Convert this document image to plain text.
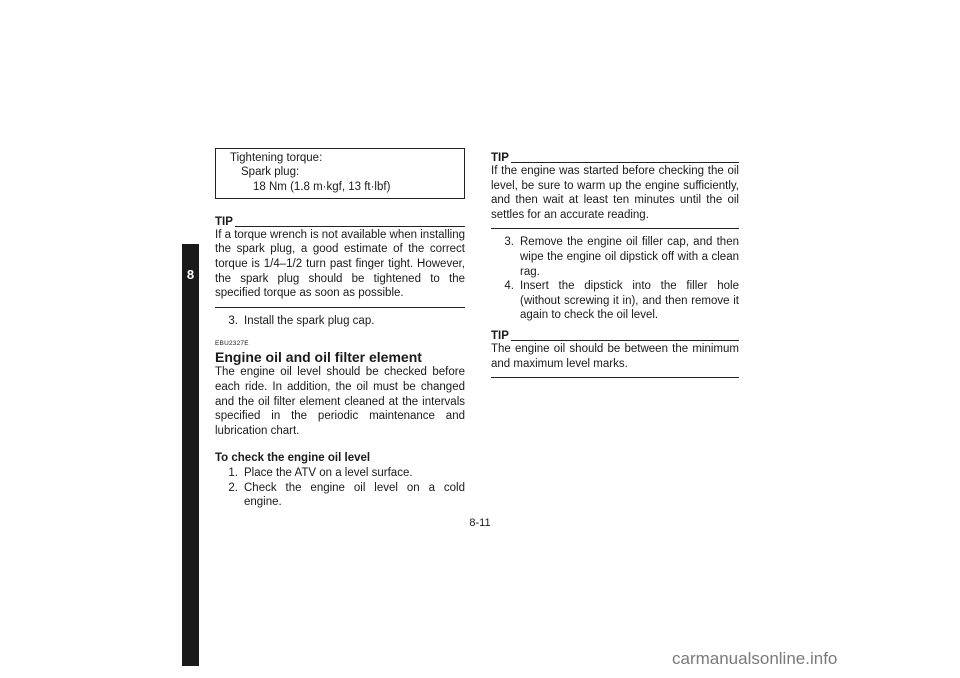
8
Tightening torque:
Spark plug:
18 Nm (1.8 m·kgf, 13 ft·lbf)
TIP
If a torque wrench is not available when installing the spark plug, a good estimate of the correct torque is 1/4–1/2 turn past finger tight. However, the spark plug should be tightened to the specified torque as soon as possible.
3. Install the spark plug cap.
EBU2327E
Engine oil and oil filter element
The engine oil level should be checked before each ride. In addition, the oil must be changed and the oil filter element cleaned at the intervals specified in the periodic maintenance and lubrication chart.
To check the engine oil level
1. Place the ATV on a level surface.
2. Check the engine oil level on a cold engine.
TIP
If the engine was started before checking the oil level, be sure to warm up the engine sufficiently, and then wait at least ten minutes until the oil settles for an accurate reading.
3. Remove the engine oil filler cap, and then wipe the engine oil dipstick off with a clean rag.
4. Insert the dipstick into the filler hole (without screwing it in), and then remove it again to check the oil level.
TIP
The engine oil should be between the minimum and maximum level marks.
8-11
carmanualsonline.info
